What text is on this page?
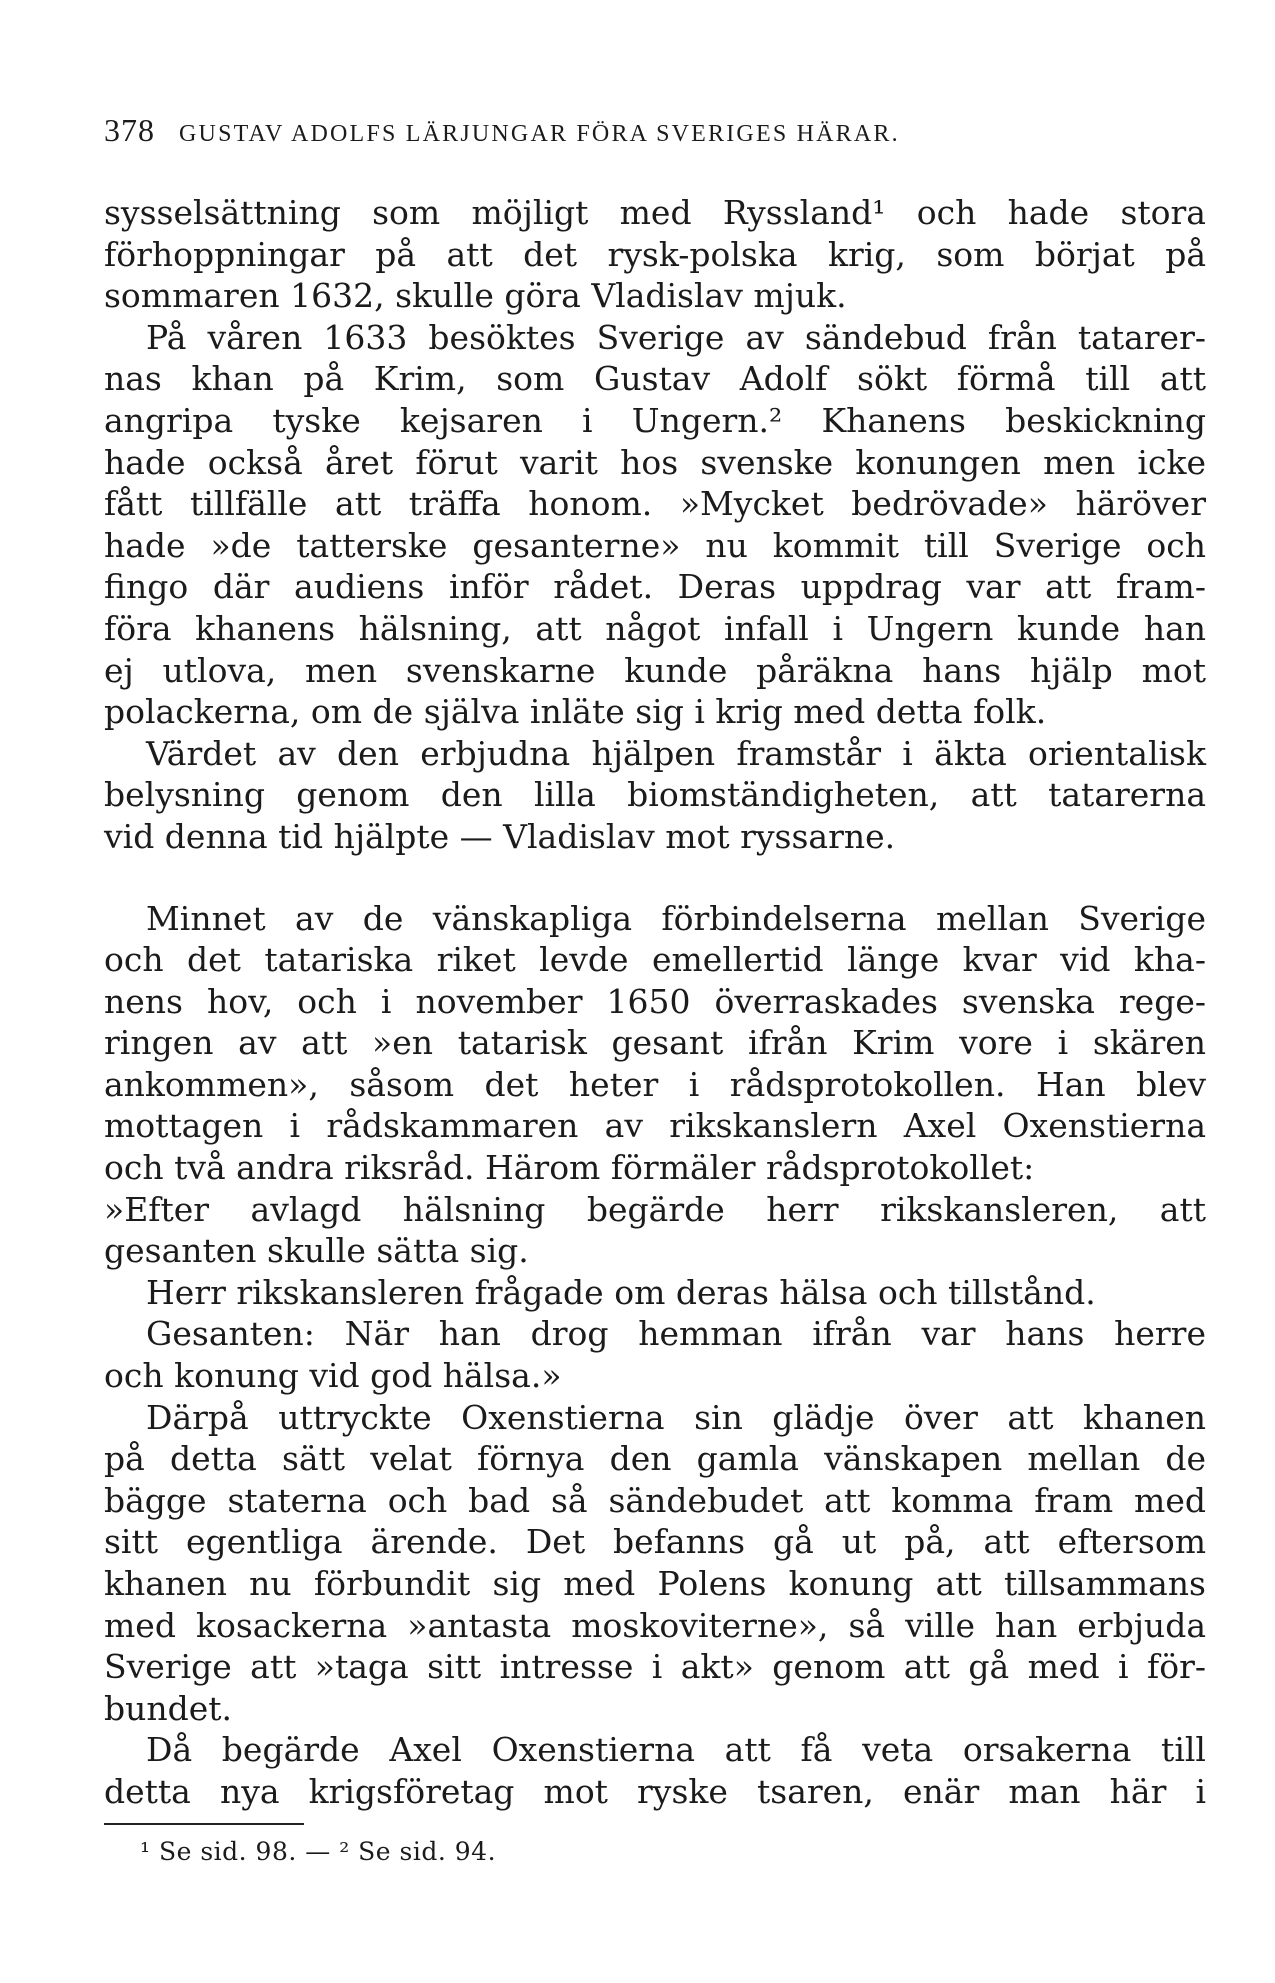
378 GUSTAV ADOLFS LÄRJUNGAR FÖRA SVERIGES HÄRAR.
sysselsättning som möjligt med Ryssland¹ och hade stora
förhoppningar på att det rysk-polska krig, som börjat på
sommaren 1632, skulle göra Vladislav mjuk.
På våren 1633 besöktes Sverige av sändebud från tatarer-
nas khan på Krim, som Gustav Adolf sökt förmå till att
angripa tyske kejsaren i Ungern.² Khanens beskickning
hade också året förut varit hos svenske konungen men icke
fått tillfälle att träffa honom. »Mycket bedrövade» häröver
hade »de tatterske gesanterne» nu kommit till Sverige och
fingo där audiens inför rådet. Deras uppdrag var att fram-
föra khanens hälsning, att något infall i Ungern kunde han
ej utlova, men svenskarne kunde påräkna hans hjälp mot
polackerna, om de själva inläte sig i krig med detta folk.
Värdet av den erbjudna hjälpen framstår i äkta orientalisk
belysning genom den lilla biomständigheten, att tatarerna
vid denna tid hjälpte — Vladislav mot ryssarne.
Minnet av de vänskapliga förbindelserna mellan Sverige
och det tatariska riket levde emellertid länge kvar vid kha-
nens hov, och i november 1650 överraskades svenska rege-
ringen av att »en tatarisk gesant ifrån Krim vore i skären
ankommen», såsom det heter i rådsprotokollen. Han blev
mottagen i rådskammaren av rikskanslern Axel Oxenstierna
och två andra riksråd. Härom förmäler rådsprotokollet:
»Efter avlagd hälsning begärde herr rikskansleren, att
gesanten skulle sätta sig.
Herr rikskansleren frågade om deras hälsa och tillstånd.
Gesanten: När han drog hemman ifrån var hans herre
och konung vid god hälsa.»
Därpå uttryckte Oxenstierna sin glädje över att khanen
på detta sätt velat förnya den gamla vänskapen mellan de
bägge staterna och bad så sändebudet att komma fram med
sitt egentliga ärende. Det befanns gå ut på, att eftersom
khanen nu förbundit sig med Polens konung att tillsammans
med kosackerna »antasta moskoviterne», så ville han erbjuda
Sverige att »taga sitt intresse i akt» genom att gå med i för-
bundet.
Då begärde Axel Oxenstierna att få veta orsakerna till
detta nya krigsföretag mot ryske tsaren, enär man här i
¹ Se sid. 98. — ² Se sid. 94.
